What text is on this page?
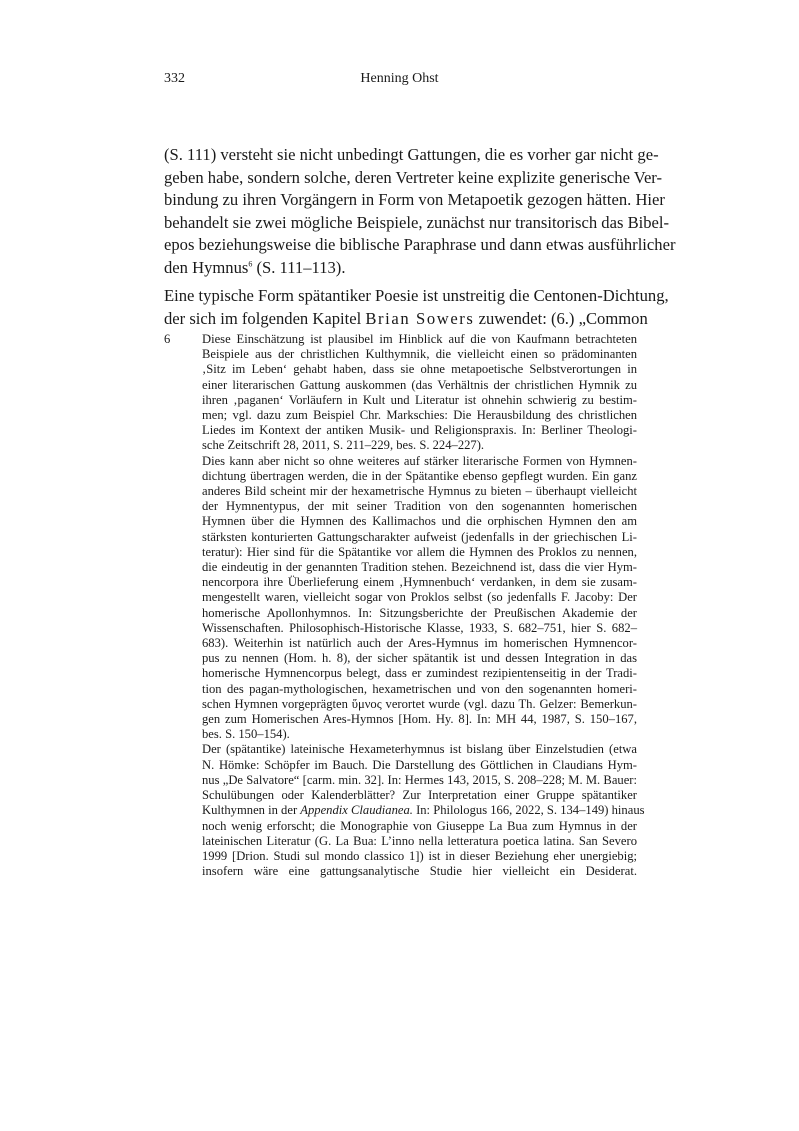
332	Henning Ohst
(S. 111) versteht sie nicht unbedingt Gattungen, die es vorher gar nicht ge-
geben habe, sondern solche, deren Vertreter keine explizite generische Ver-
bindung zu ihren Vorgängern in Form von Metapoetik gezogen hätten. Hier
behandelt sie zwei mögliche Beispiele, zunächst nur transitorisch das Bibel-
epos beziehungsweise die biblische Paraphrase und dann etwas ausführlicher
den Hymnus$^6$ (S. 111–113).
Eine typische Form spätantiker Poesie ist unstreitig die Centonen-Dichtung,
der sich im folgenden Kapitel Brian Sowers zuwendet: (6.) „Common
6	Diese Einschätzung ist plausibel im Hinblick auf die von Kaufmann betrachteten
Beispiele aus der christlichen Kulthymnik, die vielleicht einen so prädominanten
‚Sitz im Leben‘ gehabt haben, dass sie ohne metapoetische Selbstverortungen in
einer literarischen Gattung auskommen (das Verhältnis der christlichen Hymnik zu
ihren ‚paganen‘ Vorläufern in Kult und Literatur ist ohnehin schwierig zu bestim-
men; vgl. dazu zum Beispiel Chr. Markschies: Die Herausbildung des christlichen
Liedes im Kontext der antiken Musik- und Religionspraxis. In: Berliner Theologi-
sche Zeitschrift 28, 2011, S. 211–229, bes. S. 224–227).
Dies kann aber nicht so ohne weiteres auf stärker literarische Formen von Hymnen-
dichtung übertragen werden, die in der Spätantike ebenso gepflegt wurden. Ein ganz
anderes Bild scheint mir der hexametrische Hymnus zu bieten – überhaupt vielleicht
der Hymnentypus, der mit seiner Tradition von den sogenannten homerischen
Hymnen über die Hymnen des Kallimachos und die orphischen Hymnen den am
stärksten konturierten Gattungscharakter aufweist (jedenfalls in der griechischen Li-
teratur): Hier sind für die Spätantike vor allem die Hymnen des Proklos zu nennen,
die eindeutig in der genannten Tradition stehen. Bezeichnend ist, dass die vier Hym-
nencorpora ihre Überlieferung einem ‚Hymnenbuch‘ verdanken, in dem sie zusam-
mengestellt waren, vielleicht sogar von Proklos selbst (so jedenfalls F. Jacoby: Der
homerische Apollonhymnos. In: Sitzungsberichte der Preußischen Akademie der
Wissenschaften. Philosophisch-Historische Klasse, 1933, S. 682–751, hier S. 682–
683). Weiterhin ist natürlich auch der Ares-Hymnus im homerischen Hymnencor-
pus zu nennen (Hom. h. 8), der sicher spätantik ist und dessen Integration in das
homerische Hymnencorpus belegt, dass er zumindest rezipientenseitig in der Tradi-
tion des pagan-mythologischen, hexametrischen und von den sogenannten homeri-
schen Hymnen vorgeprägten ὕμνος verortet wurde (vgl. dazu Th. Gelzer: Bemerkun-
gen zum Homerischen Ares-Hymnos [Hom. Hy. 8]. In: MH 44, 1987, S. 150–167,
bes. S. 150–154).
Der (spätantike) lateinische Hexameterhymnus ist bislang über Einzelstudien (etwa
N. Hömke: Schöpfer im Bauch. Die Darstellung des Göttlichen in Claudians Hym-
nus „De Salvatore“ [carm. min. 32]. In: Hermes 143, 2015, S. 208–228; M. M. Bauer:
Schulübungen oder Kalenderblätter? Zur Interpretation einer Gruppe spätantiker
Kulthymnen in der Appendix Claudianea. In: Philologus 166, 2022, S. 134–149) hinaus
noch wenig erforscht; die Monographie von Giuseppe La Bua zum Hymnus in der
lateinischen Literatur (G. La Bua: L’inno nella letteratura poetica latina. San Severo
1999 [Drion. Studi sul mondo classico 1]) ist in dieser Beziehung eher unergiebig;
insofern wäre eine gattungsanalytische Studie hier vielleicht ein Desiderat.
